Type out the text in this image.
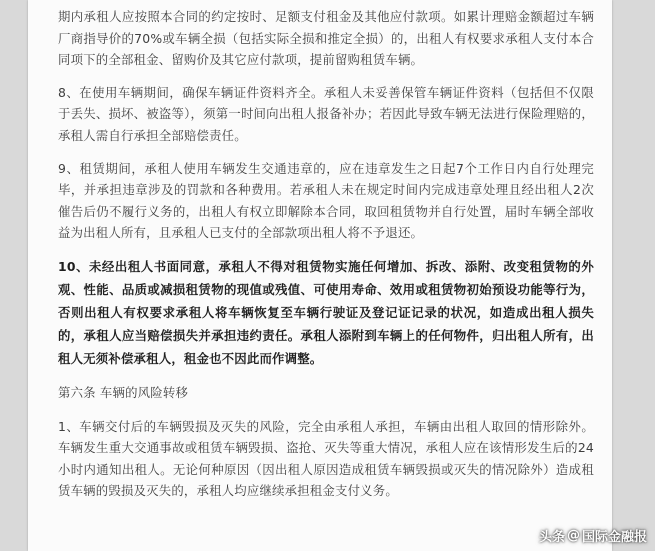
期内承租人应按照本合同的约定按时、足额支付租金及其他应付款项。如累计理赔金额超过车辆厂商指导价的70%或车辆全损（包括实际全损和推定全损）的，出租人有权要求承租人支付本合同项下的全部租金、留购价及其它应付款项，提前留购租赁车辆。

8、在使用车辆期间，确保车辆证件资料齐全。承租人未妥善保管车辆证件资料（包括但不仅限于丢失、损坏、被盗等），须第一时间向出租人报备补办；若因此导致车辆无法进行保险理赔的，承租人需自行承担全部赔偿责任。

9、租赁期间，承租人使用车辆发生交通违章的，应在违章发生之日起7个工作日内自行处理完毕，并承担违章涉及的罚款和各种费用。若承租人未在规定时间内完成违章处理且经出租人2次催告后仍不履行义务的，出租人有权立即解除本合同，取回租赁物并自行处置，届时车辆全部收益为出租人所有，且承租人已支付的全部款项出租人将不予退还。

10、未经出租人书面同意，承租人不得对租赁物实施任何增加、拆改、添附、改变租赁物的外观、性能、品质或减损租赁物的现值或残值、可使用寿命、效用或租赁物初始预设功能等行为，否则出租人有权要求承租人将车辆恢复至车辆行驶证及登记证记录的状况，如造成出租人损失的，承租人应当赔偿损失并承担违约责任。承租人添附到车辆上的任何物件，归出租人所有，出租人无须补偿承租人，租金也不因此而作调整。

第六条 车辆的风险转移

1、车辆交付后的车辆毁损及灭失的风险，完全由承租人承担，车辆由出租人取回的情形除外。车辆发生重大交通事故或租赁车辆毁损、盗抢、灭失等重大情况，承租人应在该情形发生后的24小时内通知出租人。无论何种原因（因出租人原因造成租赁车辆毁损或灭失的情况除外）造成租赁车辆的毁损及灭失的，承租人均应继续承担租金支付义务。

头条 @ 国际金融报
